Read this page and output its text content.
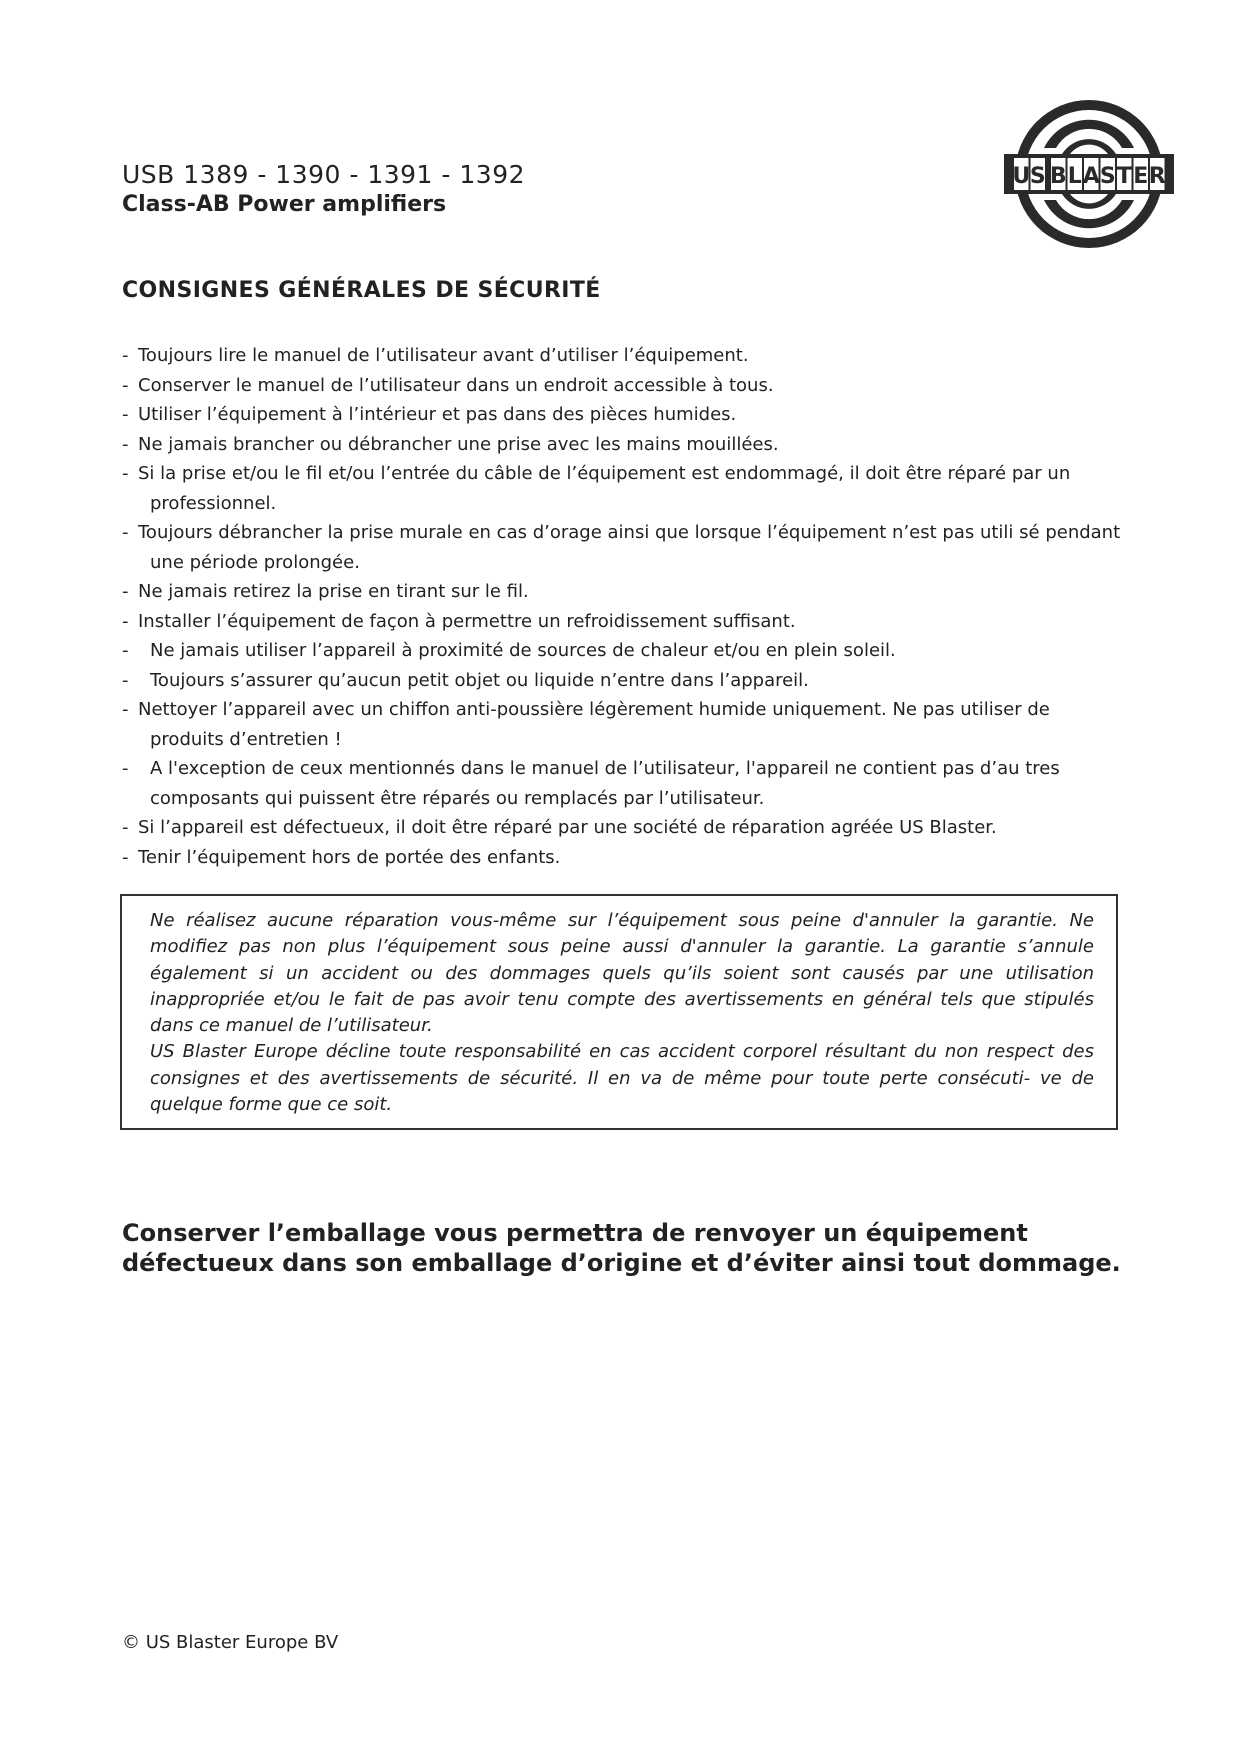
USB 1389 - 1390 - 1391 - 1392
Class-AB Power amplifiers
U S B L A S T E R
CONSIGNES GÉNÉRALES DE SÉCURITÉ
- Toujours lire le manuel de l’utilisateur avant d’utiliser l’équipement.
- Conserver le manuel de l’utilisateur dans un endroit accessible à tous.
- Utiliser l’équipement à l’intérieur et pas dans des pièces humides.
- Ne jamais brancher ou débrancher une prise avec les mains mouillées.
- Si la prise et/ou le fil et/ou l’entrée du câble de l’équipement est endommagé, il doit être réparé par un professionnel.
- Toujours débrancher la prise murale en cas d’orage ainsi que lorsque l’équipement n’est pas utili sé pendant une période prolongée.
- Ne jamais retirez la prise en tirant sur le fil.
- Installer l’équipement de façon à permettre un refroidissement suffisant.
- Ne jamais utiliser l’appareil à proximité de sources de chaleur et/ou en plein soleil.
- Toujours s’assurer qu’aucun petit objet ou liquide n’entre dans l’appareil.
- Nettoyer l’appareil avec un chiffon anti-poussière légèrement humide uniquement. Ne pas utiliser de produits d’entretien !
- A l'exception de ceux mentionnés dans le manuel de l’utilisateur, l'appareil ne contient pas d’au tres composants qui puissent être réparés ou remplacés par l’utilisateur.
- Si l’appareil est défectueux, il doit être réparé par une société de réparation agréée US Blaster.
- Tenir l’équipement hors de portée des enfants.
Ne réalisez aucune réparation vous-même sur l’équipement sous peine d'annuler la garantie. Ne modifiez pas non plus l’équipement sous peine aussi d'annuler la garantie. La garantie s’annule également si un accident ou des dommages quels qu’ils soient sont causés par une utilisation inappropriée et/ou le fait de pas avoir tenu compte des avertissements en général tels que stipulés dans ce manuel de l’utilisateur.
US Blaster Europe décline toute responsabilité en cas accident corporel résultant du non respect des consignes et des avertissements de sécurité. Il en va de même pour toute perte consécuti- ve de quelque forme que ce soit.
Conserver l’emballage vous permettra de renvoyer un équipement défectueux dans son emballage d’origine et d’éviter ainsi tout dommage.
© US Blaster Europe BV
